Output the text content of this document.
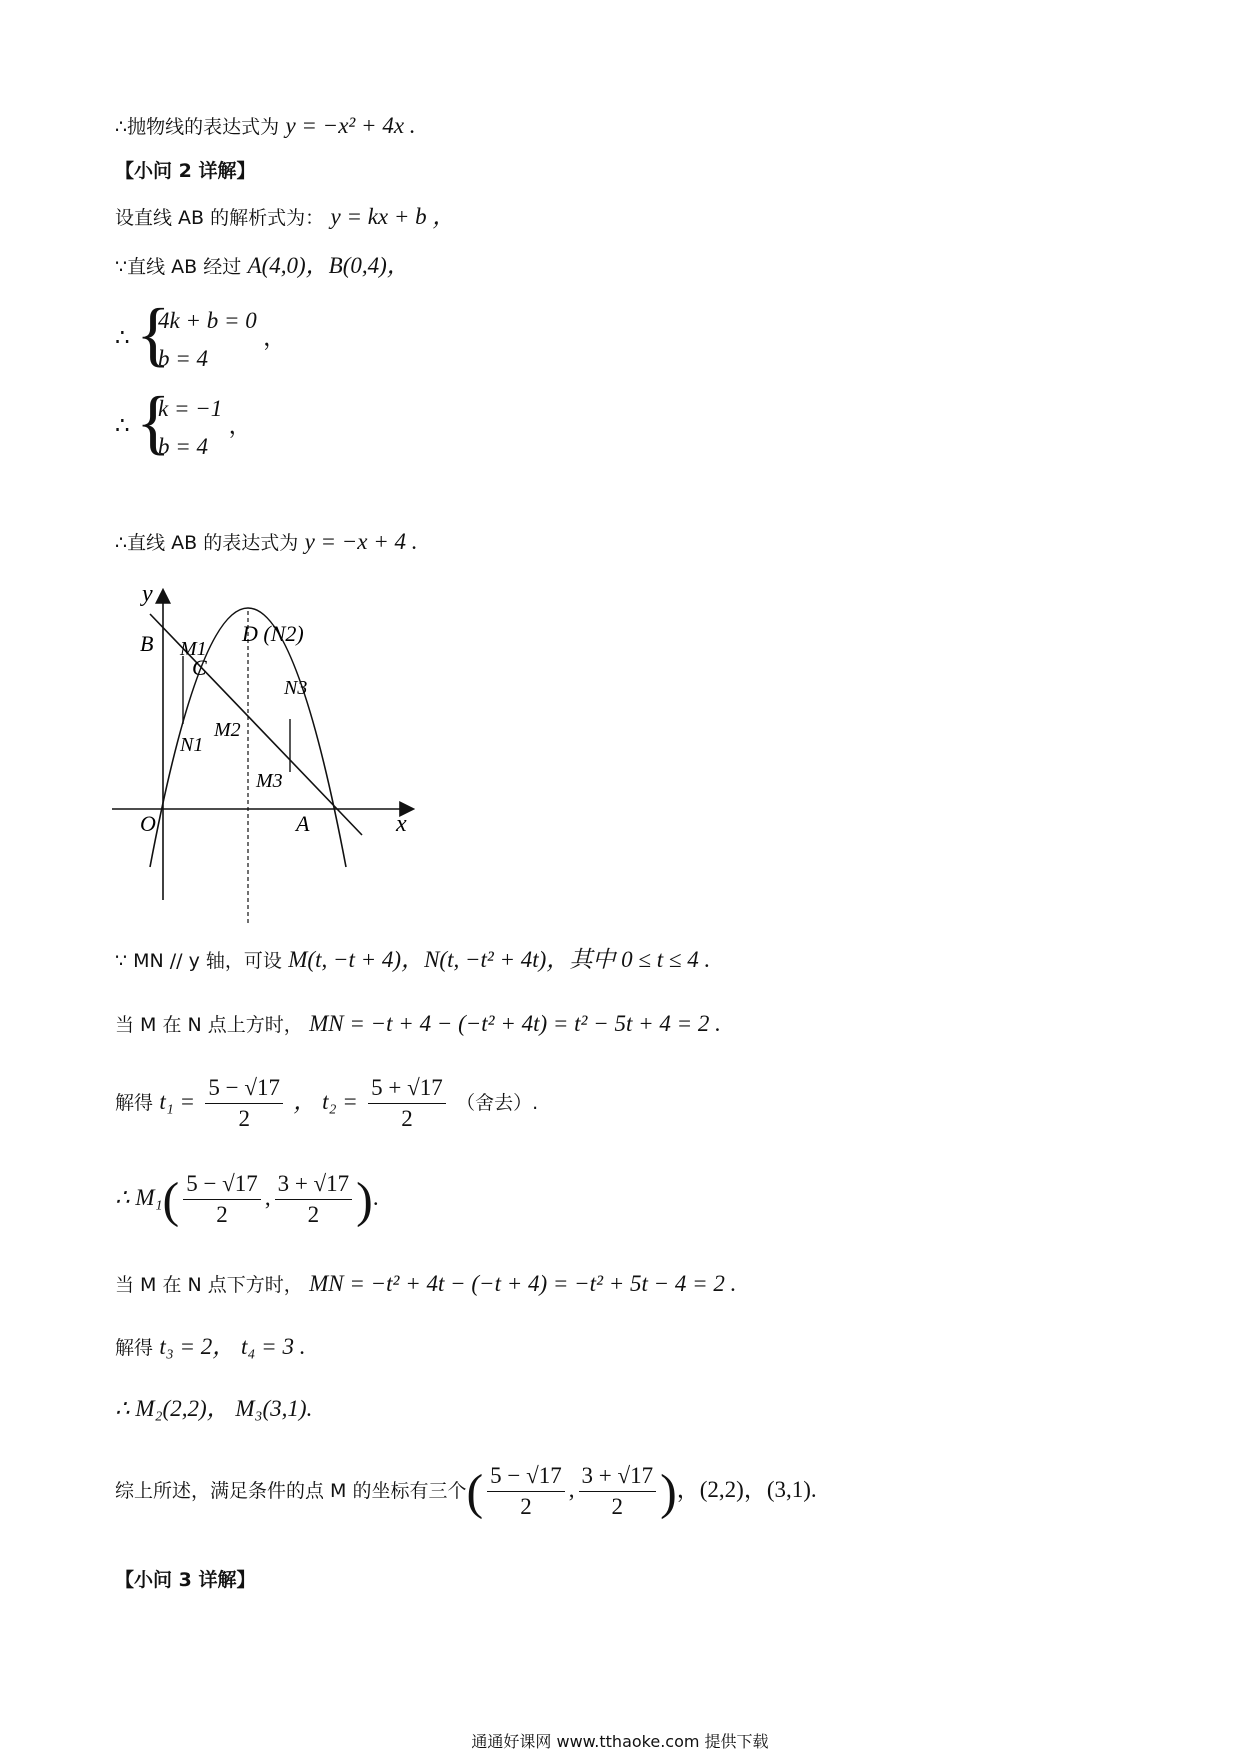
∴抛物线的表达式为 y = −x² + 4x .
【小问 2 详解】
设直线 AB 的解析式为： y = kx + b ，
∵直线 AB 经过 A(4,0)，B(0,4)，
∴ {
4k + b = 0
b = 4
，
∴ {
k = −1
b = 4
，
∴直线 AB 的表达式为 y = −x + 4 .
y
x
O	A
B
C
D (N2)
M1
N1
M2
N3
M3
∵ MN // y 轴，可设 M(t, −t + 4)，N(t, −t² + 4t)，其中 0 ≤ t ≤ 4 .
当 M 在 N 点上方时， MN = −t + 4 − (−t² + 4t) = t² − 5t + 4 = 2 .
解得 $t_1 = \frac{5 - √17}{2}$ ， $t_2 = \frac{5 + √17}{2}$ （舍去）.
∴ $M_1( \frac{5 - √17}{2}$ , $\frac{3 + √17}{2}$ ).
当 M 在 N 点下方时， MN = −t² + 4t − (−t + 4) = −t² + 5t − 4 = 2 .
解得 t₃ = 2， t₄ = 3 .
∴ M₂(2,2)， M₃(3,1).
综上所述，满足条件的点 M 的坐标有三个( $\frac{5 - √17}{2}$ , $\frac{3 + √17}{2}$ )，(2,2)，(3,1).
【小问 3 详解】
通通好课网 www.tthaoke.com 提供下载
